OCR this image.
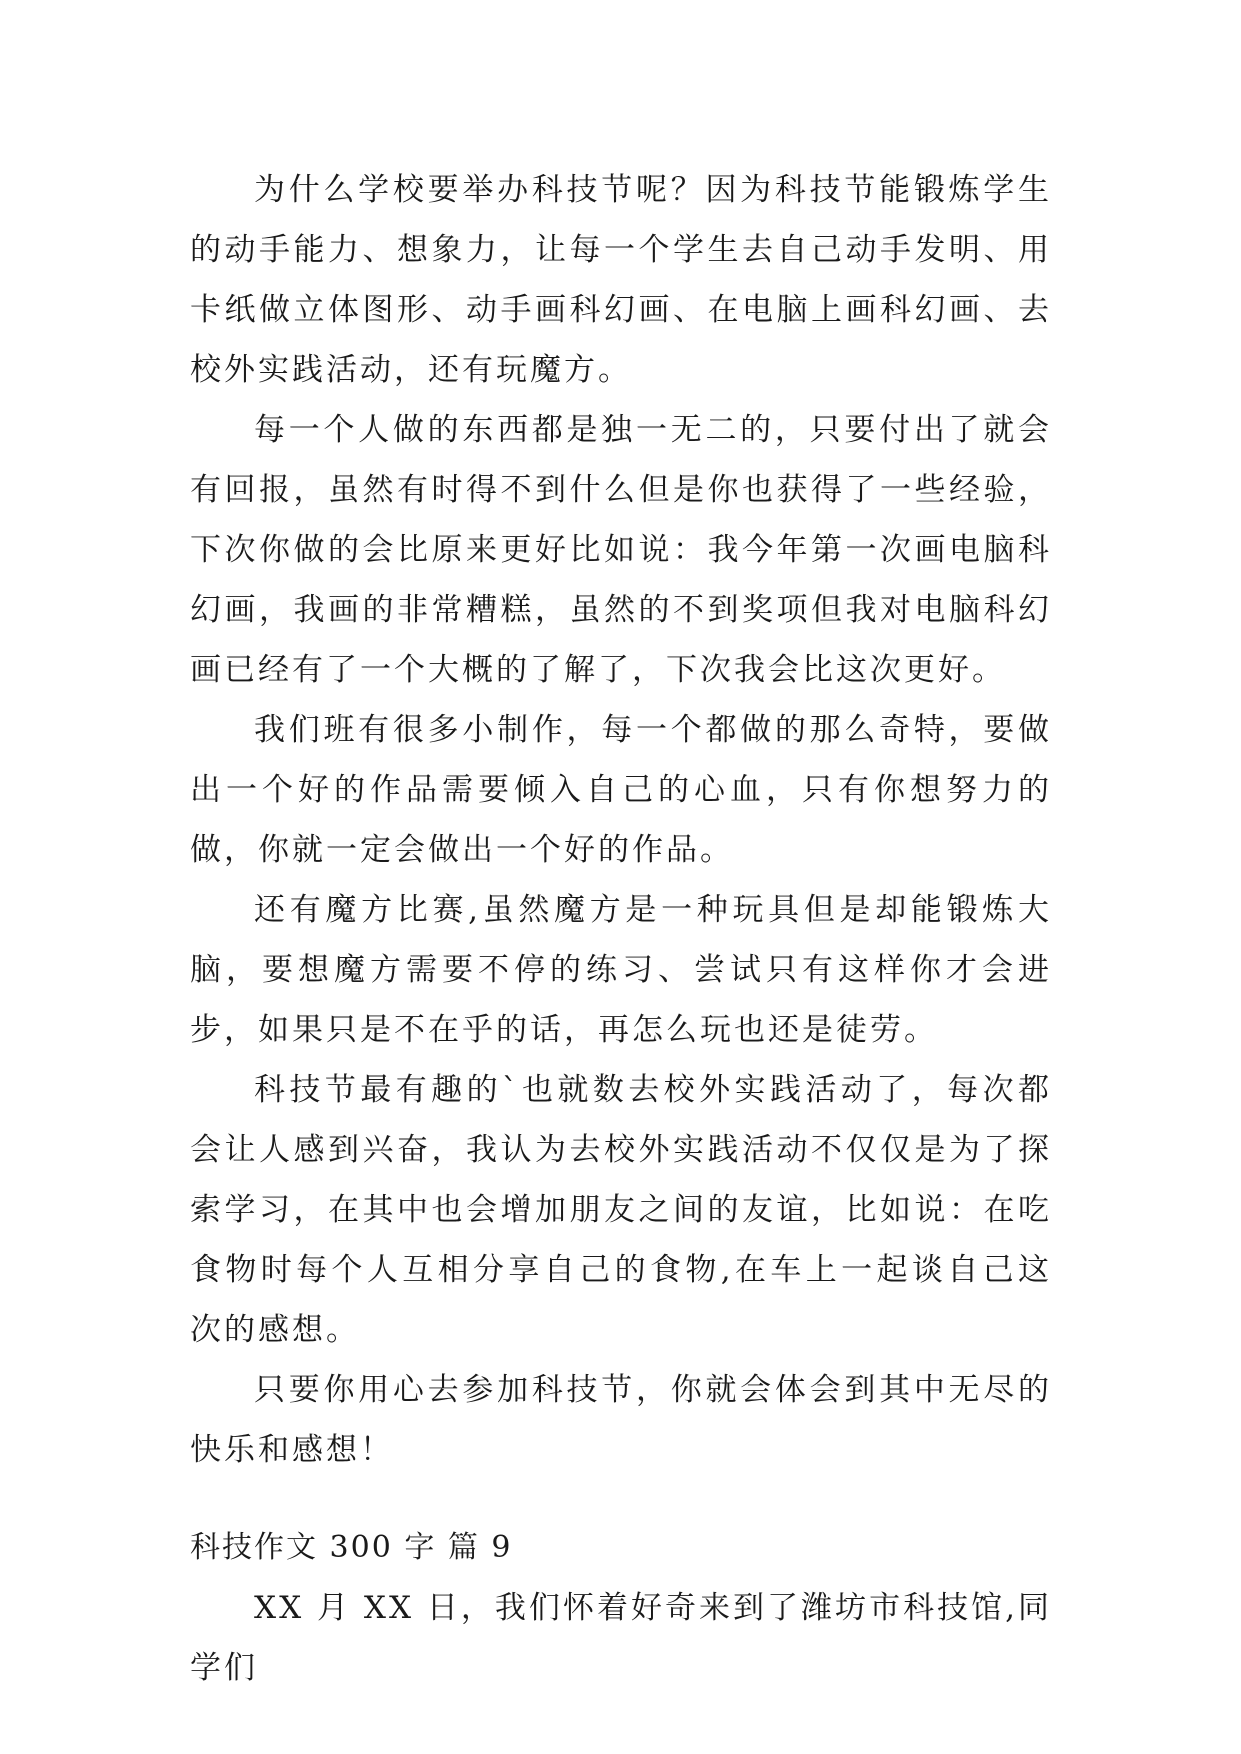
为什么学校要举办科技节呢？因为科技节能锻炼学生的动手能力、想象力，让每一个学生去自己动手发明、用卡纸做立体图形、动手画科幻画、在电脑上画科幻画、去校外实践活动，还有玩魔方。

每一个人做的东西都是独一无二的，只要付出了就会有回报，虽然有时得不到什么但是你也获得了一些经验，下次你做的会比原来更好比如说：我今年第一次画电脑科幻画，我画的非常糟糕，虽然的不到奖项但我对电脑科幻画已经有了一个大概的了解了，下次我会比这次更好。

我们班有很多小制作，每一个都做的那么奇特，要做出一个好的作品需要倾入自己的心血，只有你想努力的做，你就一定会做出一个好的作品。

还有魔方比赛,虽然魔方是一种玩具但是却能锻炼大脑，要想魔方需要不停的练习、尝试只有这样你才会进步，如果只是不在乎的话，再怎么玩也还是徒劳。

科技节最有趣的`也就数去校外实践活动了，每次都会让人感到兴奋，我认为去校外实践活动不仅仅是为了探索学习，在其中也会增加朋友之间的友谊，比如说：在吃食物时每个人互相分享自己的食物,在车上一起谈自己这次的感想。

只要你用心去参加科技节，你就会体会到其中无尽的快乐和感想！

科技作文 300 字 篇 9

XX 月 XX 日，我们怀着好奇来到了潍坊市科技馆,同学们
